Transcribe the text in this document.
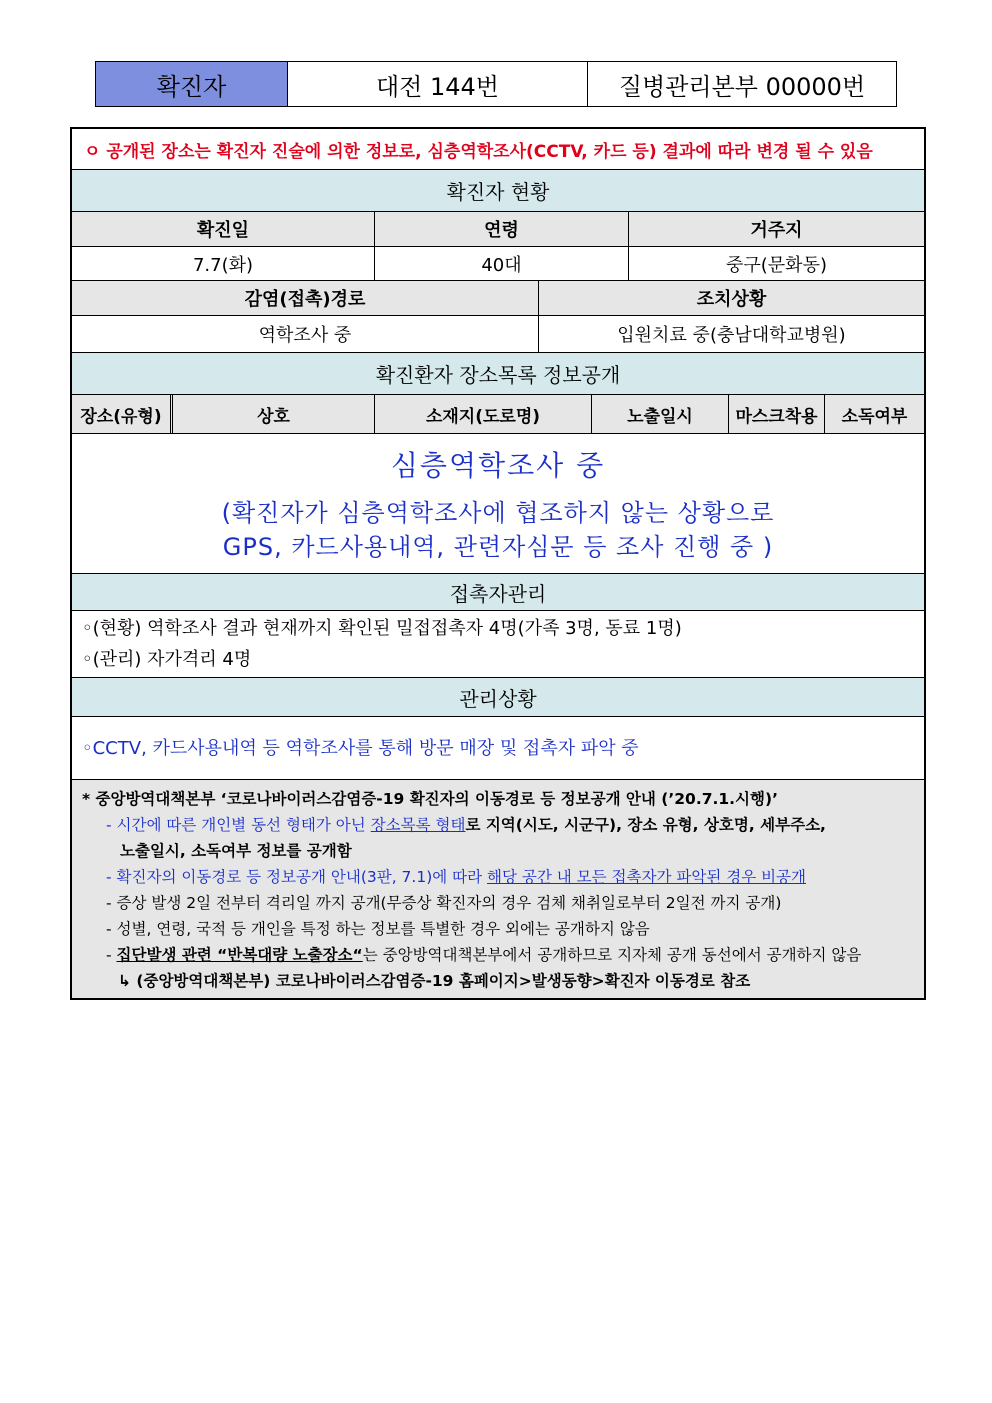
확진자	대전 144번	질병관리본부 00000번
ㅇ 공개된 장소는 확진자 진술에 의한 정보로, 심층역학조사(CCTV, 카드 등) 결과에 따라 변경 될 수 있음
확진자 현황
확진일	연령	거주지
7.7(화)	40대	중구(문화동)
감염(접촉)경로	조치상황
역학조사 중	입원치료 중(충남대학교병원)
확진환자 장소목록 정보공개
장소(유형)	상호	소재지(도로명)	노출일시	마스크착용	소독여부
심층역학조사 중
(확진자가 심층역학조사에 협조하지 않는 상황으로
GPS, 카드사용내역, 관련자심문 등 조사 진행 중 )
접촉자관리
◦(현황) 역학조사 결과 현재까지 확인된 밀접접촉자 4명(가족 3명, 동료 1명)
◦(관리) 자가격리 4명
관리상황
◦CCTV, 카드사용내역 등 역학조사를 통해 방문 매장 및 접촉자 파악 중
* 중앙방역대책본부 ‘코로나바이러스감염증-19 확진자의 이동경로 등 정보공개 안내 (’20.7.1.시행)’
- 시간에 따른 개인별 동선 형태가 아닌 장소목록 형태로 지역(시도, 시군구), 장소 유형, 상호명, 세부주소,
노출일시, 소독여부 정보를 공개함
- 확진자의 이동경로 등 정보공개 안내(3판, 7.1)에 따라 해당 공간 내 모든 접촉자가 파악된 경우 비공개
- 증상 발생 2일 전부터 격리일 까지 공개(무증상 확진자의 경우 검체 채취일로부터 2일전 까지 공개)
- 성별, 연령, 국적 등 개인을 특정 하는 정보를 특별한 경우 외에는 공개하지 않음
- 집단발생 관련 “반복대량 노출장소“는 중앙방역대책본부에서 공개하므로 지자체 공개 동선에서 공개하지 않음
↳ (중앙방역대책본부) 코로나바이러스감염증-19 홈페이지>발생동향>확진자 이동경로 참조
